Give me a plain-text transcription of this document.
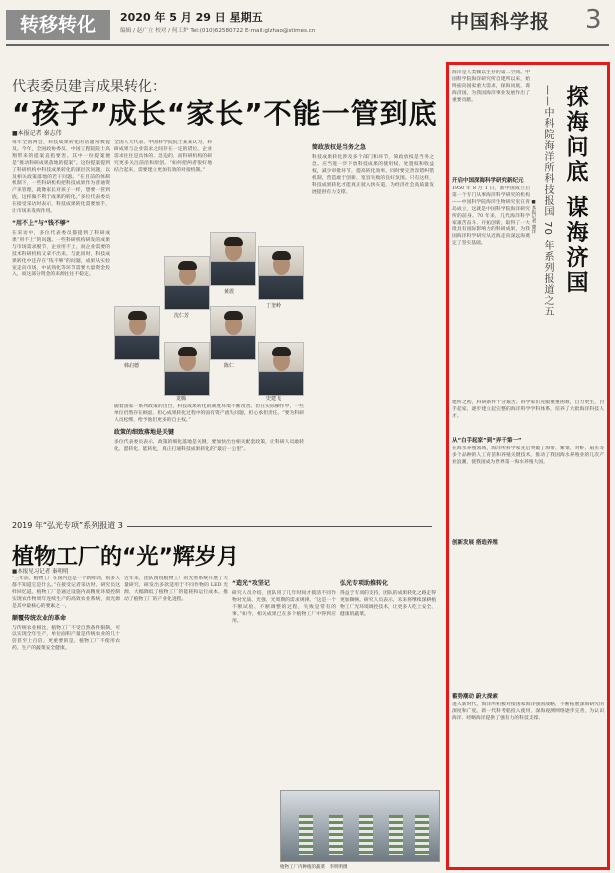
转移转化	2020 年 5 月 29 日 星期五
编辑 / 赵广立 校对 / 何工炉 Tel:(010)62580722 E-mail:glzhao@stimes.cn	中国科学报 3
代表委员建言成果转化：
“孩子”成长“家长”不能一管到底
■本报记者 秦志伟
每年全国两会，科技成果转化的话题常被提及。今年，全国政协委员、中国工程院院士高翔带来的提案直指要害。其中一份提案便是“推动科研成果落地的提案”。这份提案提到了科研机构中科技成果转化的深层次问题，以及相关政策落地的若干问题。“在目前的体制机制下，一些科研机构把科技成果作为普通资产来管理，就像家长对孩子一样，想要一管到底，这样做不利于成果的转化。”多位代表委员在接受采访时表示，科技成果转化需要放手，让市场来发挥作用。
“用不上”与“钱不够”
在采访中，多位代表委员都提到了科研成果“用不上”的问题。一些科研机构研发的成果与市场需求脱节，企业用不上，而企业需要的技术科研机构又拿不出来。与此同时，科技成果转化中还存在“钱不够”的问题，成果从实验室走向市场，中试熟化等环节需要大量资金投入，而这部分资金的来源往往不稳定。
全国人大代表、中国科学院院士某某认为，科研成果与企业需求之间存在一定的错位。企业需求往往是具体的、急迫的，而科研机构的研究更多关注前沿和原创。“如何把两者很好地结合起来，需要建立更加有效的对接机制。”
随着国家一系列政策的出台，科技成果转化的制度环境不断改善。但在实际操作中，一些单位仍然存在顾虑，担心成果转化过程中的国有资产流失问题，担心承担责任。“要为科研人员松绑，给予他们更多的自主权。”
政策的细致落地是关键
多位代表委员表示，政策的细化落地是关键。要加快出台相关配套政策，让科研人员敢转化、愿转化、能转化，真正打通科技成果转化的“最后一公里”。
简政放权是当务之急
科技成果转化涉及多个部门和环节，简政放权是当务之急。应当进一步下放科技成果的使用权、处置权和收益权，减少审批环节，提高转化效率。同时要完善容错纠错机制，营造敢于创新、宽容失败的良好氛围。只有这样，科技成果转化才能真正驶入快车道，为经济社会高质量发展提供有力支撑。
黄震
丁奎岭
沈仁芳
韩启德	陈仁
龙腾	史建飞
2019 年“弘光专项”系列报道 3
植物工厂的“光”辉岁月
■本报见习记者 秦明明
“三年前，植物工厂在国内还是一个新鲜词，很多人都不知道它是什么。”在接受记者采访时，研究员这样回忆道。植物工厂是通过设施内高精度环境控制实现农作物周年连续生产的高效农业系统，而光源是其中最核心的要素之一。
颠覆传统农业的革命
与传统农业相比，植物工厂不受自然条件限制，可以实现全年生产，单位面积产量是传统农业的几十倍甚至上百倍。更重要的是，植物工厂不使用农药，生产的蔬菜安全健康。
近年来，团队围绕植物工厂的光照系统开展了大量研究，研发出多款适用于不同作物的 LED 光源，大幅降低了植物工厂的能耗和运行成本，推动了植物工厂的产业化进程。
“造光”攻坚记
研究人员介绍，团队用了几年时间才摸清不同作物对光质、光强、光周期的需求规律。“这是一个不断试验、不断调整的过程，失败是常有的事。”如今，相关成果已在多个植物工厂中得到应用。
弘光专项助推转化
得益于专项的支持，团队的成果转化之路走得更加顺畅。研究人员表示，未来将继续深耕植物工厂光环境调控技术，让更多人吃上安全、健康的蔬菜。
植物工厂内种植的蔬菜　李明明摄
探海问底 谋海济国
——中科院海洋所科技报国 70 年系列报道之五
■本报记者 廖洋
海洋是人类赖以生存的第二空间。中国科学院海洋研究所自建所以来，始终面向国家重大需求，探海问底，谋海济国，为我国海洋事业发展作出了重要贡献。
开启中国深海科学研究新纪元
1950 年 8 月 1 日，新中国成立后第一个专门从事海洋科学研究的机构——中国科学院海洋生物研究室在青岛成立，这就是中国科学院海洋研究所的前身。70 年来，几代海洋科学家艰苦奋斗、开拓创新，取得了一大批具有国际影响力的科研成果，为我国海洋科学研究从近海走向深远海奠定了坚实基础。
建所之初，科研条件十分艰苦。科学家们克服重重困难，自力更生，白手起家，逐步建立起完整的海洋科学学科体系，培养了大批海洋科技人才。
从“白手起家”到“弄千第一”
在海水养殖领域，海洋所科学家先后突破了海带、紫菜、对虾、扇贝等多个品种的人工育苗和养殖关键技术，推动了我国海水养殖业的几次产业浪潮，使我国成为世界第一海水养殖大国。
创新发展 搭造养殖
蓄势潮动 蔚大探索
进入新时代，海洋所积极对接国家海洋强国战略，不断拓展深海研究的深度和广度。新一代科考船投入使用，深海观测网络逐步完善，为认识海洋、经略海洋提供了强有力的科技支撑。
